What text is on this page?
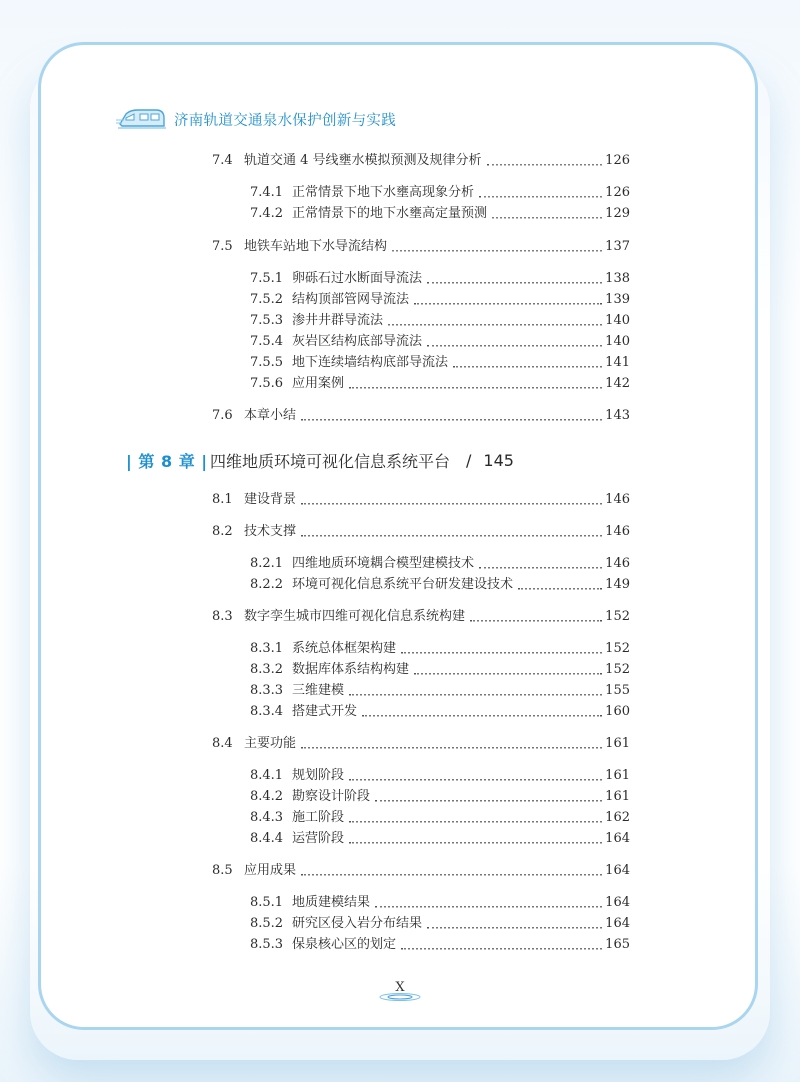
济南轨道交通泉水保护创新与实践
7.4 轨道交通 4 号线壅水模拟预测及规律分析	126
7.4.1 正常情景下地下水壅高现象分析	126
7.4.2 正常情景下的地下水壅高定量预测	129
7.5 地铁车站地下水导流结构	137
7.5.1 卵砾石过水断面导流法	138
7.5.2 结构顶部管网导流法	139
7.5.3 渗井井群导流法	140
7.5.4 灰岩区结构底部导流法	140
7.5.5 地下连续墙结构底部导流法	141
7.5.6 应用案例	142
7.6 本章小结	143
| 第 8 章 | 四维地质环境可视化信息系统平台 / 145
8.1 建设背景	146
8.2 技术支撑	146
8.2.1 四维地质环境耦合模型建模技术	146
8.2.2 环境可视化信息系统平台研发建设技术	149
8.3 数字孪生城市四维可视化信息系统构建	152
8.3.1 系统总体框架构建	152
8.3.2 数据库体系结构构建	152
8.3.3 三维建模	155
8.3.4 搭建式开发	160
8.4 主要功能	161
8.4.1 规划阶段	161
8.4.2 勘察设计阶段	161
8.4.3 施工阶段	162
8.4.4 运营阶段	164
8.5 应用成果	164
8.5.1 地质建模结果	164
8.5.2 研究区侵入岩分布结果	164
8.5.3 保泉核心区的划定	165
X
